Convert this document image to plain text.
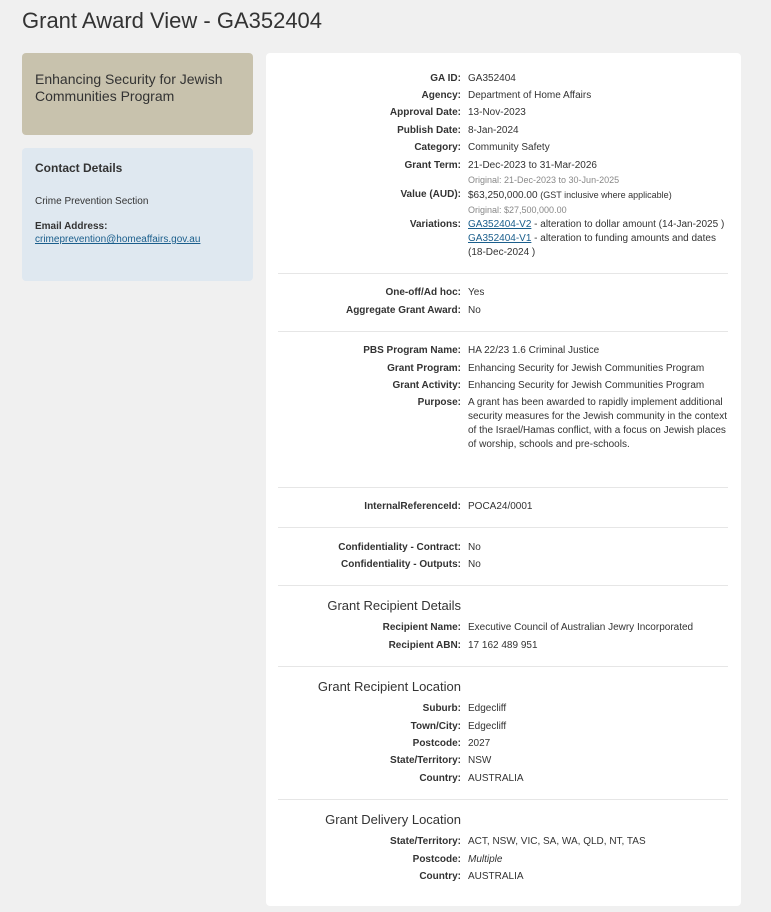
Grant Award View - GA352404
Enhancing Security for Jewish Communities Program
Contact Details
Crime Prevention Section
Email Address:
crimeprevention@homeaffairs.gov.au
GA ID: GA352404
Agency: Department of Home Affairs
Approval Date: 13-Nov-2023
Publish Date: 8-Jan-2024
Category: Community Safety
Grant Term: 21-Dec-2023 to 31-Mar-2026
Original: 21-Dec-2023 to 30-Jun-2025
Value (AUD): $63,250,000.00 (GST inclusive where applicable)
Original: $27,500,000.00
Variations: GA352404-V2 - alteration to dollar amount (14-Jan-2025 )
GA352404-V1 - alteration to funding amounts and dates
(18-Dec-2024 )
One-off/Ad hoc: Yes
Aggregate Grant Award: No
PBS Program Name: HA 22/23 1.6 Criminal Justice
Grant Program: Enhancing Security for Jewish Communities Program
Grant Activity: Enhancing Security for Jewish Communities Program
Purpose: A grant has been awarded to rapidly implement additional security measures for the Jewish community in the context of the Israel/Hamas conflict, with a focus on Jewish places of worship, schools and pre-schools.
InternalReferenceId: POCA24/0001
Confidentiality - Contract: No
Confidentiality - Outputs: No
Grant Recipient Details
Recipient Name: Executive Council of Australian Jewry Incorporated
Recipient ABN: 17 162 489 951
Grant Recipient Location
Suburb: Edgecliff
Town/City: Edgecliff
Postcode: 2027
State/Territory: NSW
Country: AUSTRALIA
Grant Delivery Location
State/Territory: ACT, NSW, VIC, SA, WA, QLD, NT, TAS
Postcode: Multiple
Country: AUSTRALIA
